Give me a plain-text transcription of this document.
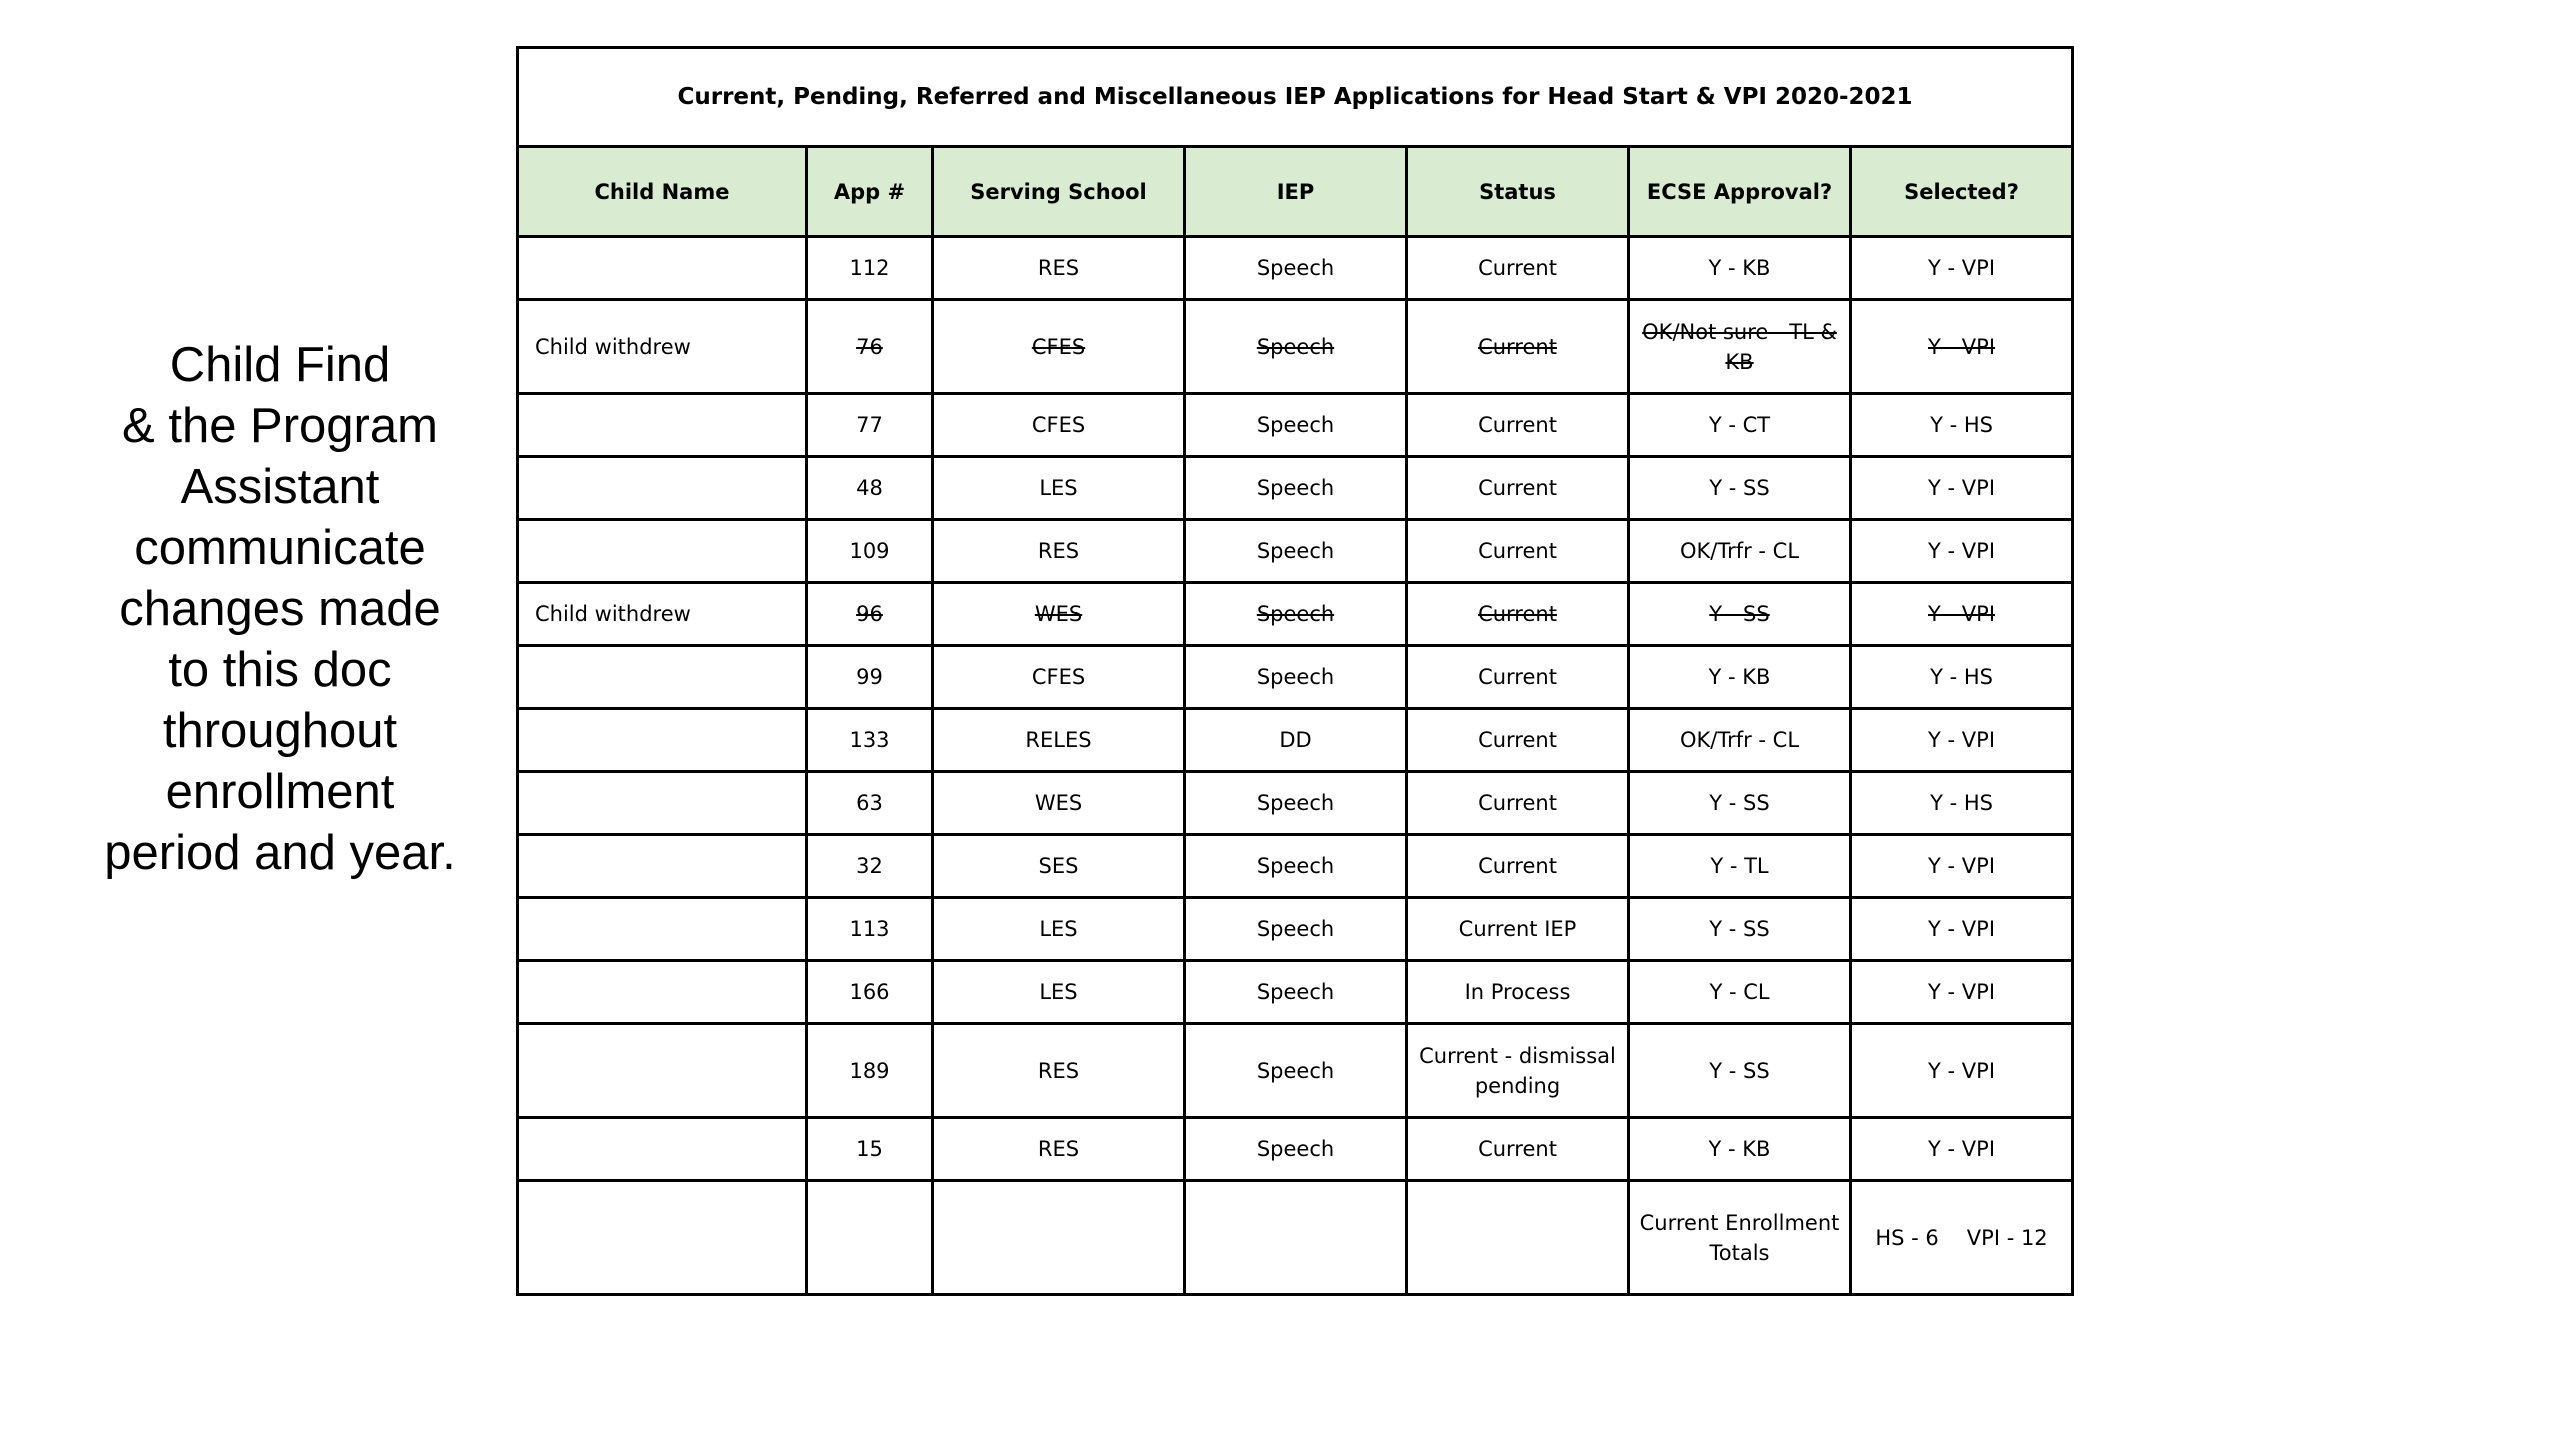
Child Find
& the Program
Assistant
communicate
changes made
to this doc
throughout
enrollment
period and year.
Current, Pending, Referred and Miscellaneous IEP Applications for Head Start & VPI 2020-2021						
Child Name	App #	Serving School	IEP	Status	ECSE Approval?	Selected?
	112	RES	Speech	Current	Y - KB	Y - VPI
Child withdrew	76	CFES	Speech	Current	OK/Not sure - TL & KB	Y - VPI
	77	CFES	Speech	Current	Y - CT	Y - HS
	48	LES	Speech	Current	Y - SS	Y - VPI
	109	RES	Speech	Current	OK/Trfr - CL	Y - VPI
Child withdrew	96	WES	Speech	Current	Y - SS	Y - VPI
	99	CFES	Speech	Current	Y - KB	Y - HS
	133	RELES	DD	Current	OK/Trfr - CL	Y - VPI
	63	WES	Speech	Current	Y - SS	Y - HS
	32	SES	Speech	Current	Y - TL	Y - VPI
	113	LES	Speech	Current IEP	Y - SS	Y - VPI
	166	LES	Speech	In Process	Y - CL	Y - VPI
	189	RES	Speech	Current - dismissal pending	Y - SS	Y - VPI
	15	RES	Speech	Current	Y - KB	Y - VPI
					Current Enrollment Totals	HS - 6 VPI - 12
